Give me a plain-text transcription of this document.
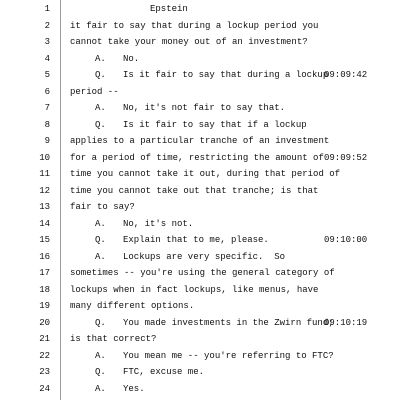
1	Epstein
2 it fair to say that during a lockup period you
3 cannot take your money out of an investment?
4	A. No.
5	Q. Is it fair to say that during a lockup
09:09:42
6 period --
7	A. No, it's not fair to say that.
8	Q. Is it fair to say that if a lockup
9 applies to a particular tranche of an investment
10 for a period of time, restricting the amount of 09:09:52
11 time you cannot take it out, during that period of
12 time you cannot take out that tranche; is that
13 fair to say?
14	A. No, it's not.
15	Q. Explain that to me, please.	09:10:00
16	A. Lockups are very specific.  So
17 sometimes -- you're using the general category of
18 lockups when in fact lockups, like menus, have
19 many different options.
20	Q. You made investments in the Zwirn fund;
09:10:19
21 is that correct?
22	A. You mean me -- you're referring to FTC?
23	Q. FTC, excuse me.
24	A. Yes.
